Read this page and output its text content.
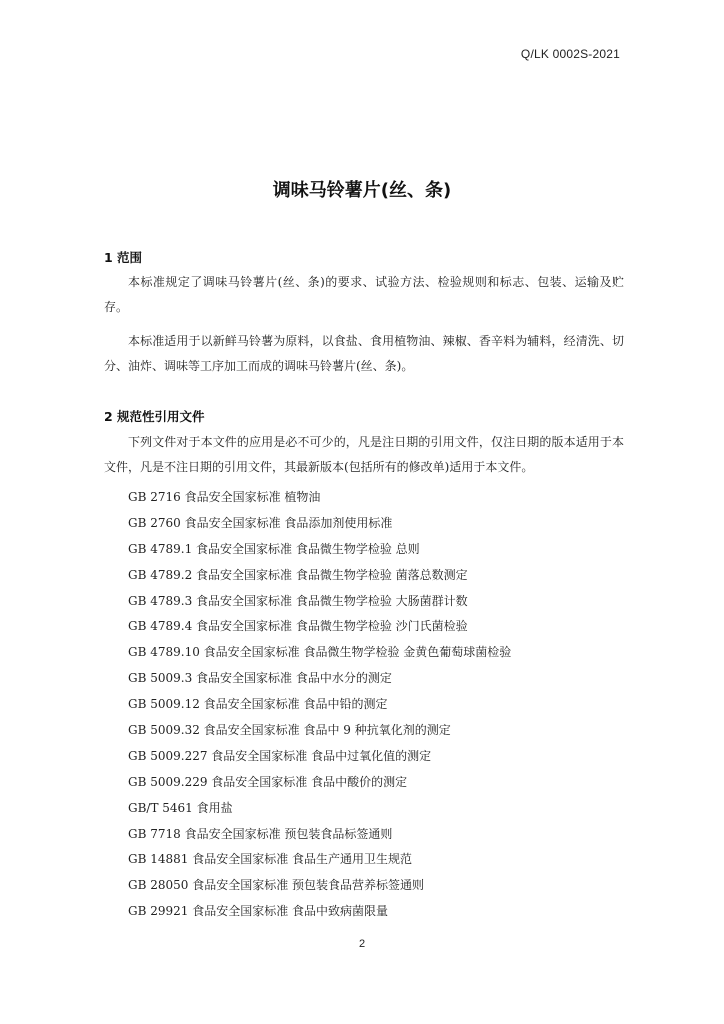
Q/LK 0002S-2021
调味马铃薯片(丝、条)
1 范围
本标准规定了调味马铃薯片(丝、条)的要求、试验方法、检验规则和标志、包装、运输及贮存。
本标准适用于以新鲜马铃薯为原料，以食盐、食用植物油、辣椒、香辛料为辅料，经清洗、切分、油炸、调味等工序加工而成的调味马铃薯片(丝、条)。
2 规范性引用文件
下列文件对于本文件的应用是必不可少的，凡是注日期的引用文件，仅注日期的版本适用于本文件，凡是不注日期的引用文件，其最新版本(包括所有的修改单)适用于本文件。
GB 2716 食品安全国家标准 植物油
GB 2760 食品安全国家标准 食品添加剂使用标准
GB 4789.1 食品安全国家标准 食品微生物学检验 总则
GB 4789.2 食品安全国家标准 食品微生物学检验 菌落总数测定
GB 4789.3 食品安全国家标准 食品微生物学检验 大肠菌群计数
GB 4789.4 食品安全国家标准 食品微生物学检验 沙门氏菌检验
GB 4789.10 食品安全国家标准 食品微生物学检验 金黄色葡萄球菌检验
GB 5009.3 食品安全国家标准 食品中水分的测定
GB 5009.12 食品安全国家标准 食品中铅的测定
GB 5009.32 食品安全国家标准 食品中 9 种抗氧化剂的测定
GB 5009.227 食品安全国家标准 食品中过氧化值的测定
GB 5009.229 食品安全国家标准 食品中酸价的测定
GB/T 5461 食用盐
GB 7718 食品安全国家标准 预包装食品标签通则
GB 14881 食品安全国家标准 食品生产通用卫生规范
GB 28050 食品安全国家标准 预包装食品营养标签通则
GB 29921 食品安全国家标准 食品中致病菌限量
2
